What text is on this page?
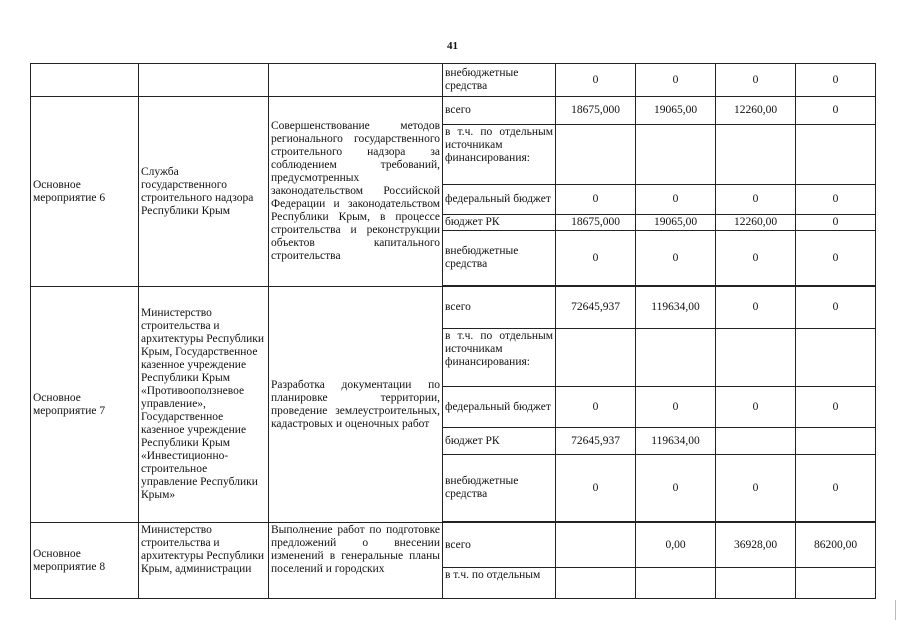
41
			внебюджетные средства	0	0	0	0
Основное мероприятие 6	Служба государственного строительного надзора Республики Крым	Совершенствование методов регионального государственного строительного надзора за соблюдением требований, предусмотренных законодательством Российской Федерации и законодательством Республики Крым, в процессе строительства и реконструкции объектов капитального строительства	всего	18675,000	19065,00	12260,00	0
			в т.ч. по отдельным источникам финансирования:				
			федеральный бюджет	0	0	0	0
			бюджет РК	18675,000	19065,00	12260,00	0
			внебюджетные средства	0	0	0	0

Основное мероприятие 7	Министерство строительства и архитектуры Республики Крым, Государственное казенное учреждение Республики Крым «Противооползневое управление», Государственное казенное учреждение Республики Крым «Инвестиционно-строительное управление Республики Крым»	Разработка документации по планировке территории, проведение землеустроительных, кадастровых и оценочных работ	всего	72645,937	119634,00	0	0
			в т.ч. по отдельным источникам финансирования:				
			федеральный бюджет	0	0	0	0
			бюджет РК	72645,937	119634,00		
			внебюджетные средства	0	0	0	0

Основное мероприятие 8	Министерство строительства и архитектуры Республики Крым, администрации	Выполнение работ по подготовке предложений о внесении изменений в генеральные планы поселений и городских	всего		0,00	36928,00	86200,00

			в т.ч. по отдельным				
